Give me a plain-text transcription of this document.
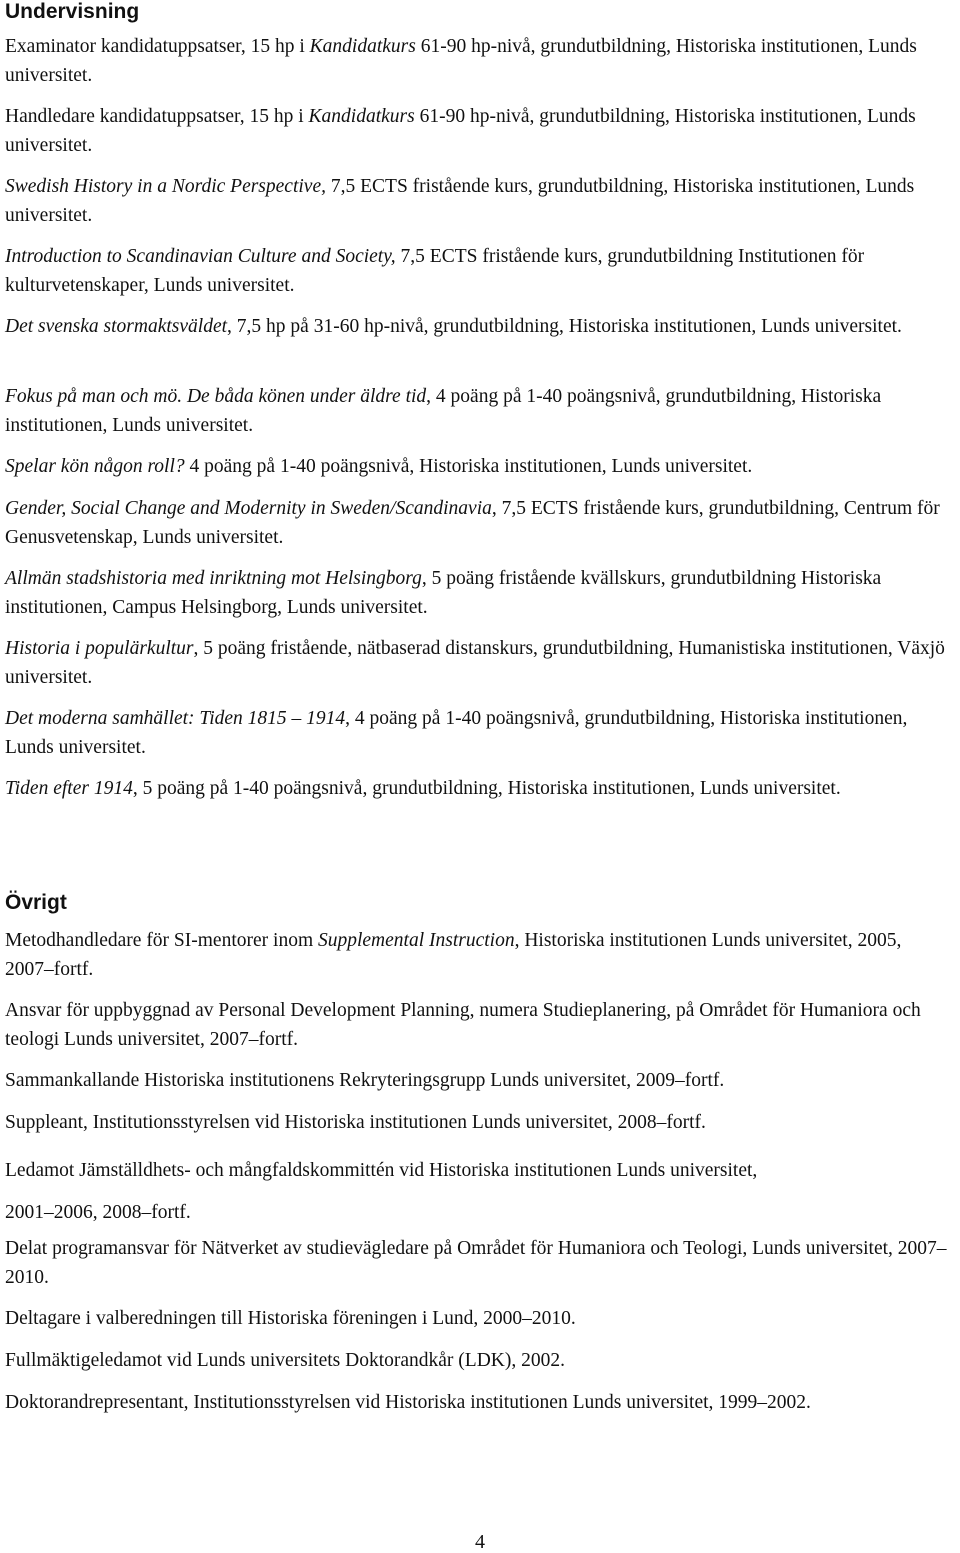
Undervisning
Examinator kandidatuppsatser, 15 hp i Kandidatkurs 61-90 hp-nivå, grundutbildning, Historiska institutionen, Lunds universitet.
Handledare kandidatuppsatser, 15 hp i Kandidatkurs 61-90 hp-nivå, grundutbildning, Historiska institutionen, Lunds universitet.
Swedish History in a Nordic Perspective, 7,5 ECTS fristående kurs, grundutbildning, Historiska institutionen, Lunds universitet.
Introduction to Scandinavian Culture and Society, 7,5 ECTS fristående kurs, grundutbildning Institutionen för kulturvetenskaper, Lunds universitet.
Det svenska stormaktsväldet, 7,5 hp på 31-60 hp-nivå, grundutbildning, Historiska institutionen, Lunds universitet.
Fokus på man och mö. De båda könen under äldre tid, 4 poäng på 1-40 poängsnivå, grundutbildning, Historiska institutionen, Lunds universitet.
Spelar kön någon roll? 4 poäng på 1-40 poängsnivå, Historiska institutionen, Lunds universitet.
Gender, Social Change and Modernity in Sweden/Scandinavia, 7,5 ECTS fristående kurs, grundutbildning, Centrum för Genusvetenskap, Lunds universitet.
Allmän stadshistoria med inriktning mot Helsingborg, 5 poäng fristående kvällskurs, grundutbildning Historiska institutionen, Campus Helsingborg, Lunds universitet.
Historia i populärkultur, 5 poäng fristående, nätbaserad distanskurs, grundutbildning, Humanistiska institutionen, Växjö universitet.
Det moderna samhället: Tiden 1815 – 1914, 4 poäng på 1-40 poängsnivå, grundutbildning, Historiska institutionen, Lunds universitet.
Tiden efter 1914, 5 poäng på 1-40 poängsnivå, grundutbildning, Historiska institutionen, Lunds universitet.
Övrigt
Metodhandledare för SI-mentorer inom Supplemental Instruction, Historiska institutionen Lunds universitet, 2005, 2007–fortf.
Ansvar för uppbyggnad av Personal Development Planning, numera Studieplanering, på Området för Humaniora och teologi Lunds universitet, 2007–fortf.
Sammankallande Historiska institutionens Rekryteringsgrupp Lunds universitet, 2009–fortf.
Suppleant, Institutionsstyrelsen vid Historiska institutionen Lunds universitet, 2008–fortf.
Ledamot Jämställdhets- och mångfaldskommittén vid Historiska institutionen Lunds universitet,
2001–2006, 2008–fortf.
Delat programansvar för Nätverket av studievägledare på Området för Humaniora och Teologi, Lunds universitet, 2007–2010.
Deltagare i valberedningen till Historiska föreningen i Lund, 2000–2010.
Fullmäktigeledamot vid Lunds universitets Doktorandkår (LDK), 2002.
Doktorandrepresentant, Institutionsstyrelsen vid Historiska institutionen Lunds universitet, 1999–2002.
4
